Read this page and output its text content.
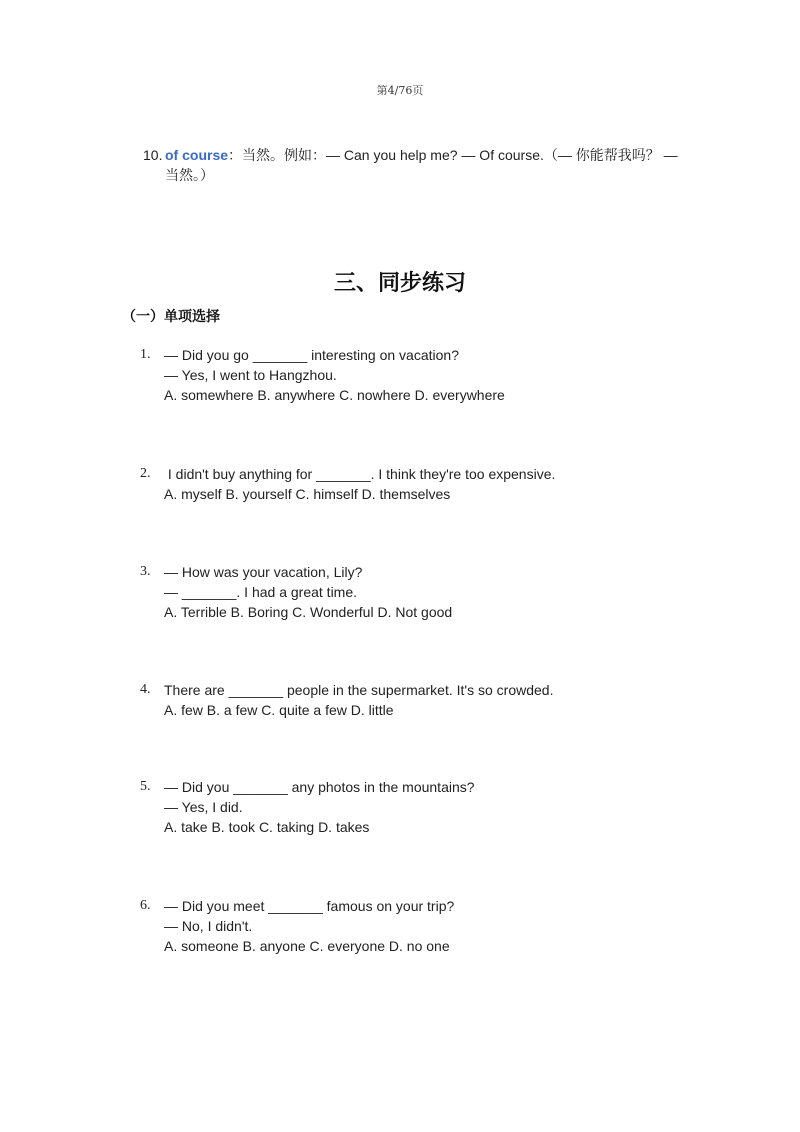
第4/76页
10. of course：当然。例如：— Can you help me? — Of course.（— 你能帮我吗？ —
当然。）
三、同步练习
（一）单项选择
1. — Did you go _______ interesting on vacation?
— Yes, I went to Hangzhou.
A. somewhere B. anywhere C. nowhere D. everywhere
2. I didn't buy anything for _______. I think they're too expensive.
A. myself B. yourself C. himself D. themselves
3. — How was your vacation, Lily?
— _______. I had a great time.
A. Terrible B. Boring C. Wonderful D. Not good
4. There are _______ people in the supermarket. It's so crowded.
A. few B. a few C. quite a few D. little
5. — Did you _______ any photos in the mountains?
— Yes, I did.
A. take B. took C. taking D. takes
6. — Did you meet _______ famous on your trip?
— No, I didn't.
A. someone B. anyone C. everyone D. no one
